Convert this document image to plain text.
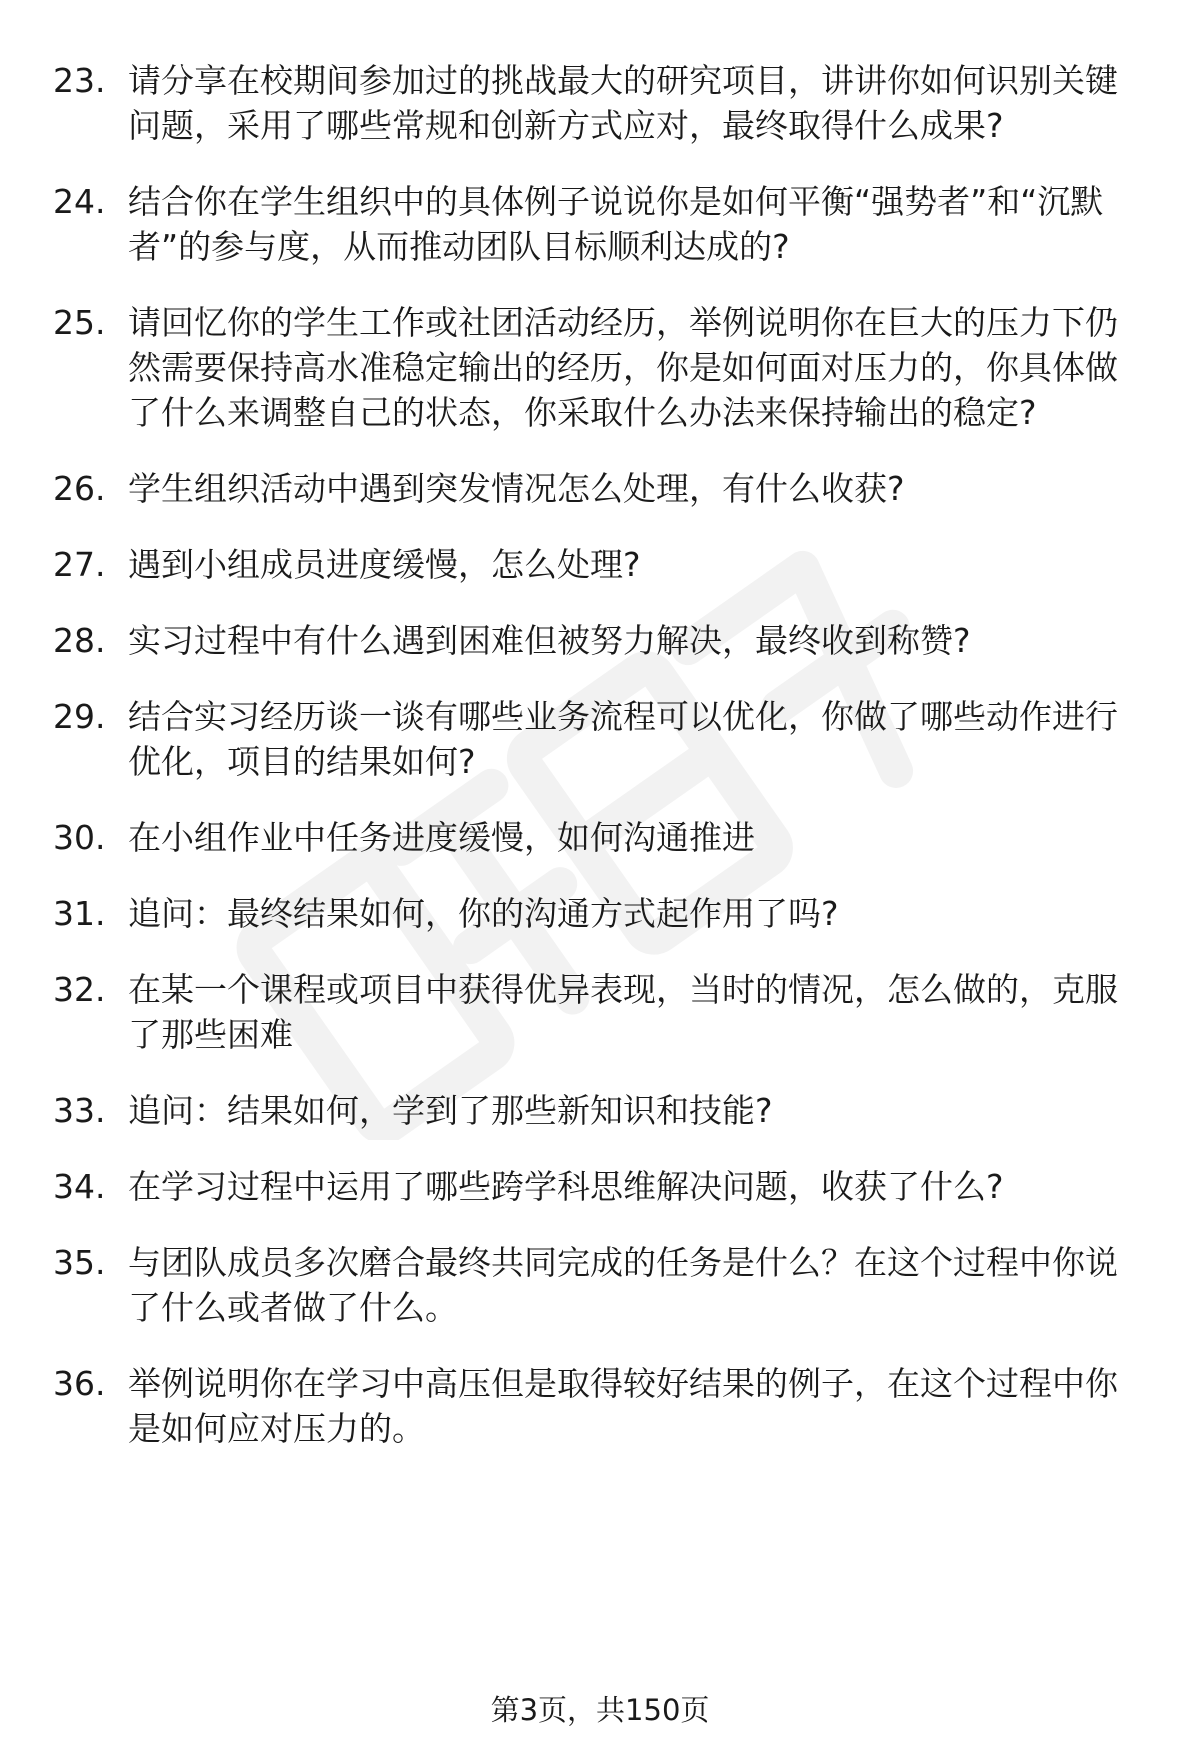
23. 请分享在校期间参加过的挑战最大的研究项目，讲讲你如何识别关键问题，采用了哪些常规和创新方式应对，最终取得什么成果?
24. 结合你在学生组织中的具体例子说说你是如何平衡“强势者”和“沉默者”的参与度，从而推动团队目标顺利达成的?
25. 请回忆你的学生工作或社团活动经历，举例说明你在巨大的压力下仍然需要保持高水准稳定输出的经历，你是如何面对压力的，你具体做了什么来调整自己的状态，你采取什么办法来保持输出的稳定?
26. 学生组织活动中遇到突发情况怎么处理，有什么收获?
27. 遇到小组成员进度缓慢，怎么处理?
28. 实习过程中有什么遇到困难但被努力解决，最终收到称赞?
29. 结合实习经历谈一谈有哪些业务流程可以优化，你做了哪些动作进行优化，项目的结果如何?
30. 在小组作业中任务进度缓慢，如何沟通推进
31. 追问：最终结果如何，你的沟通方式起作用了吗?
32. 在某一个课程或项目中获得优异表现，当时的情况，怎么做的，克服了那些困难
33. 追问：结果如何，学到了那些新知识和技能?
34. 在学习过程中运用了哪些跨学科思维解决问题，收获了什么?
35. 与团队成员多次磨合最终共同完成的任务是什么？在这个过程中你说了什么或者做了什么。
36. 举例说明你在学习中高压但是取得较好结果的例子，在这个过程中你是如何应对压力的。
第3页，共150页
